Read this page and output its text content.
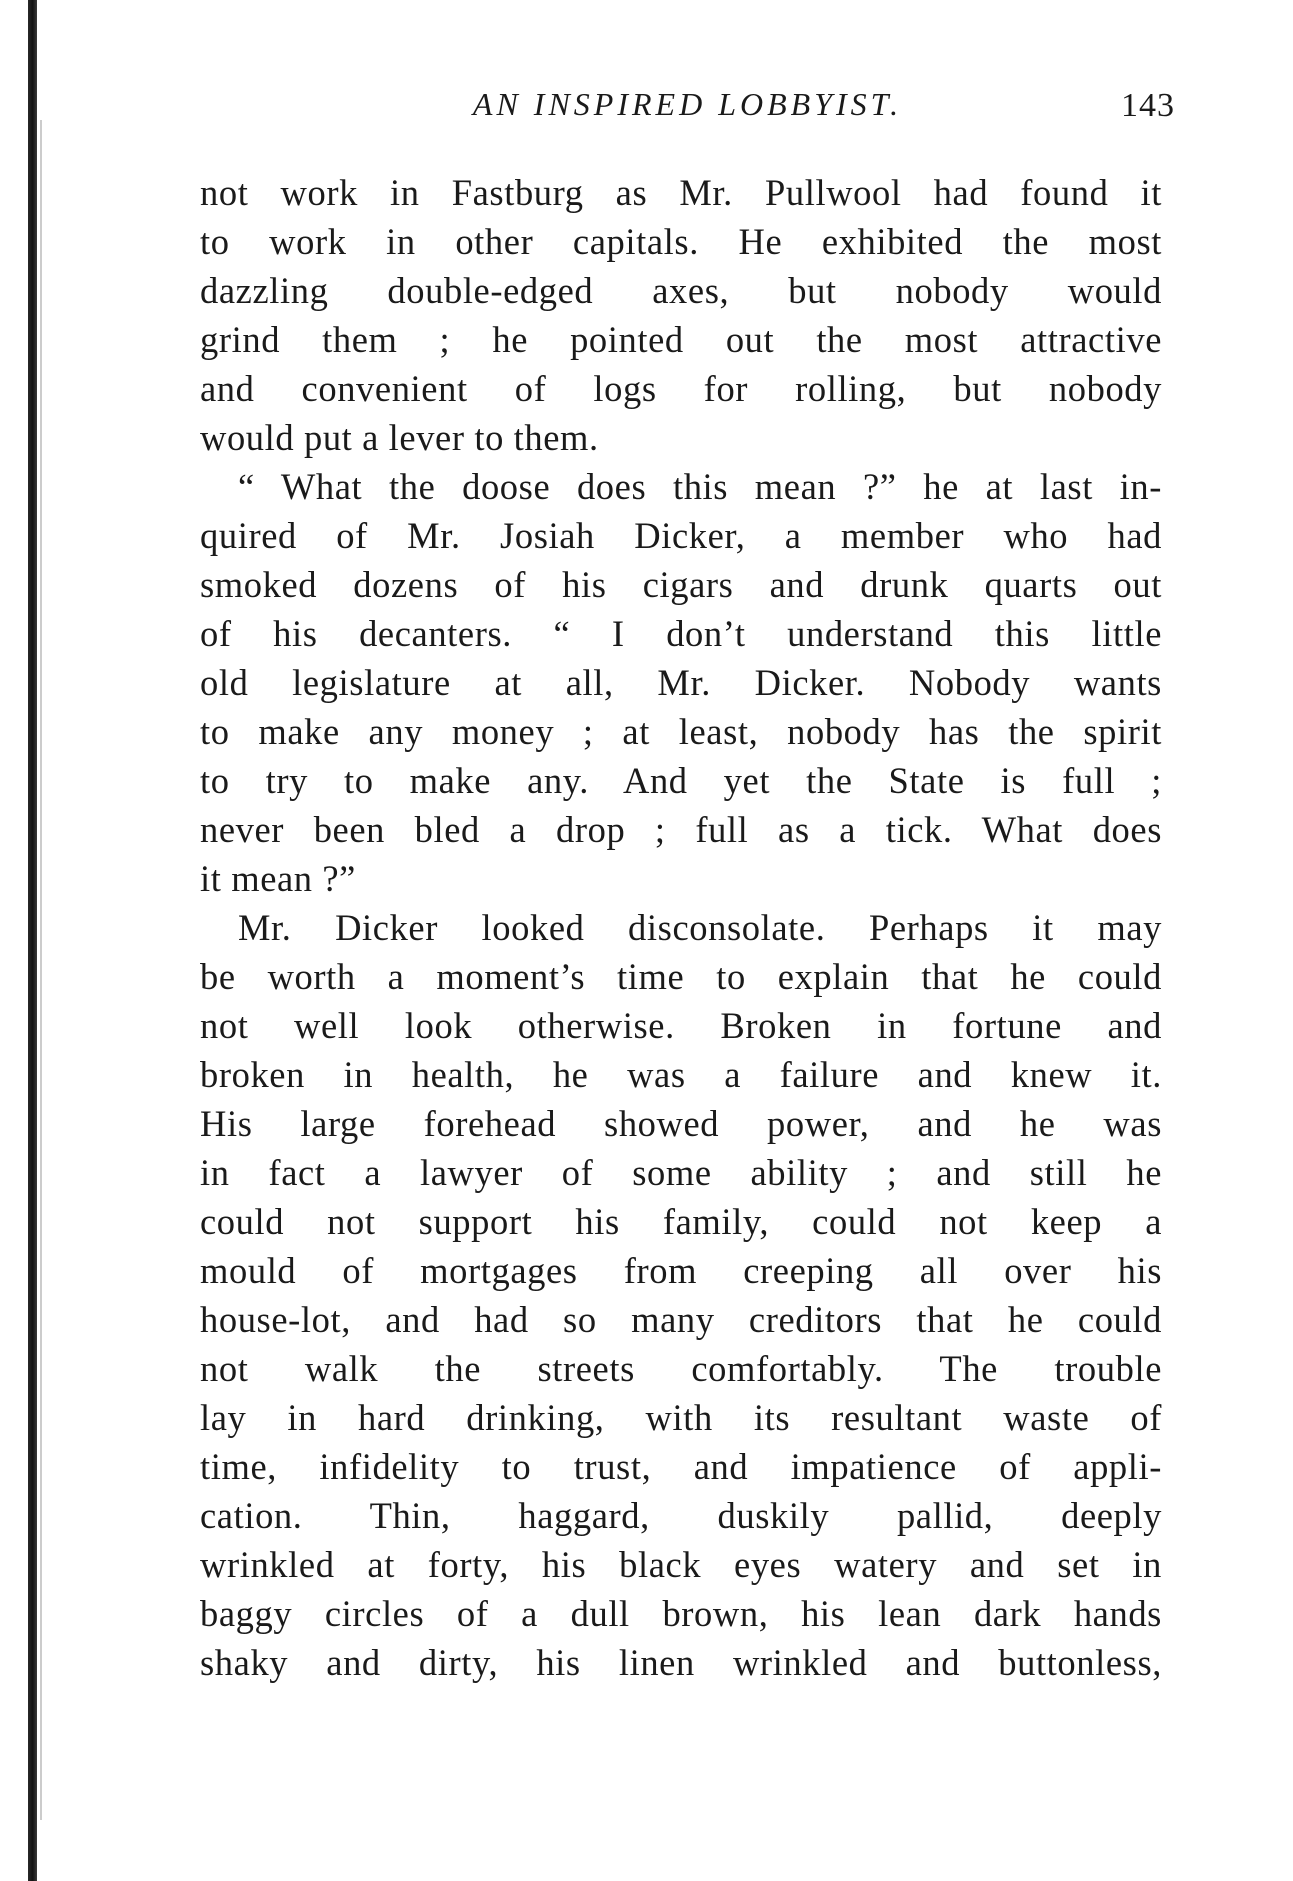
AN INSPIRED LOBBYIST.	143
not work in Fastburg as Mr. Pullwool had found it
to work in other capitals. He exhibited the most
dazzling double-edged axes, but nobody would
grind them ; he pointed out the most attractive
and convenient of logs for rolling, but nobody
would put a lever to them.
“ What the doose does this mean ?” he at last in-
quired of Mr. Josiah Dicker, a member who had
smoked dozens of his cigars and drunk quarts out
of his decanters. “ I don’t understand this little
old legislature at all, Mr. Dicker. Nobody wants
to make any money ; at least, nobody has the spirit
to try to make any. And yet the State is full ;
never been bled a drop ; full as a tick. What does
it mean ?”
Mr. Dicker looked disconsolate. Perhaps it may
be worth a moment’s time to explain that he could
not well look otherwise. Broken in fortune and
broken in health, he was a failure and knew it.
His large forehead showed power, and he was
in fact a lawyer of some ability ; and still he
could not support his family, could not keep a
mould of mortgages from creeping all over his
house-lot, and had so many creditors that he could
not walk the streets comfortably. The trouble
lay in hard drinking, with its resultant waste of
time, infidelity to trust, and impatience of appli-
cation. Thin, haggard, duskily pallid, deeply
wrinkled at forty, his black eyes watery and set in
baggy circles of a dull brown, his lean dark hands
shaky and dirty, his linen wrinkled and buttonless,
